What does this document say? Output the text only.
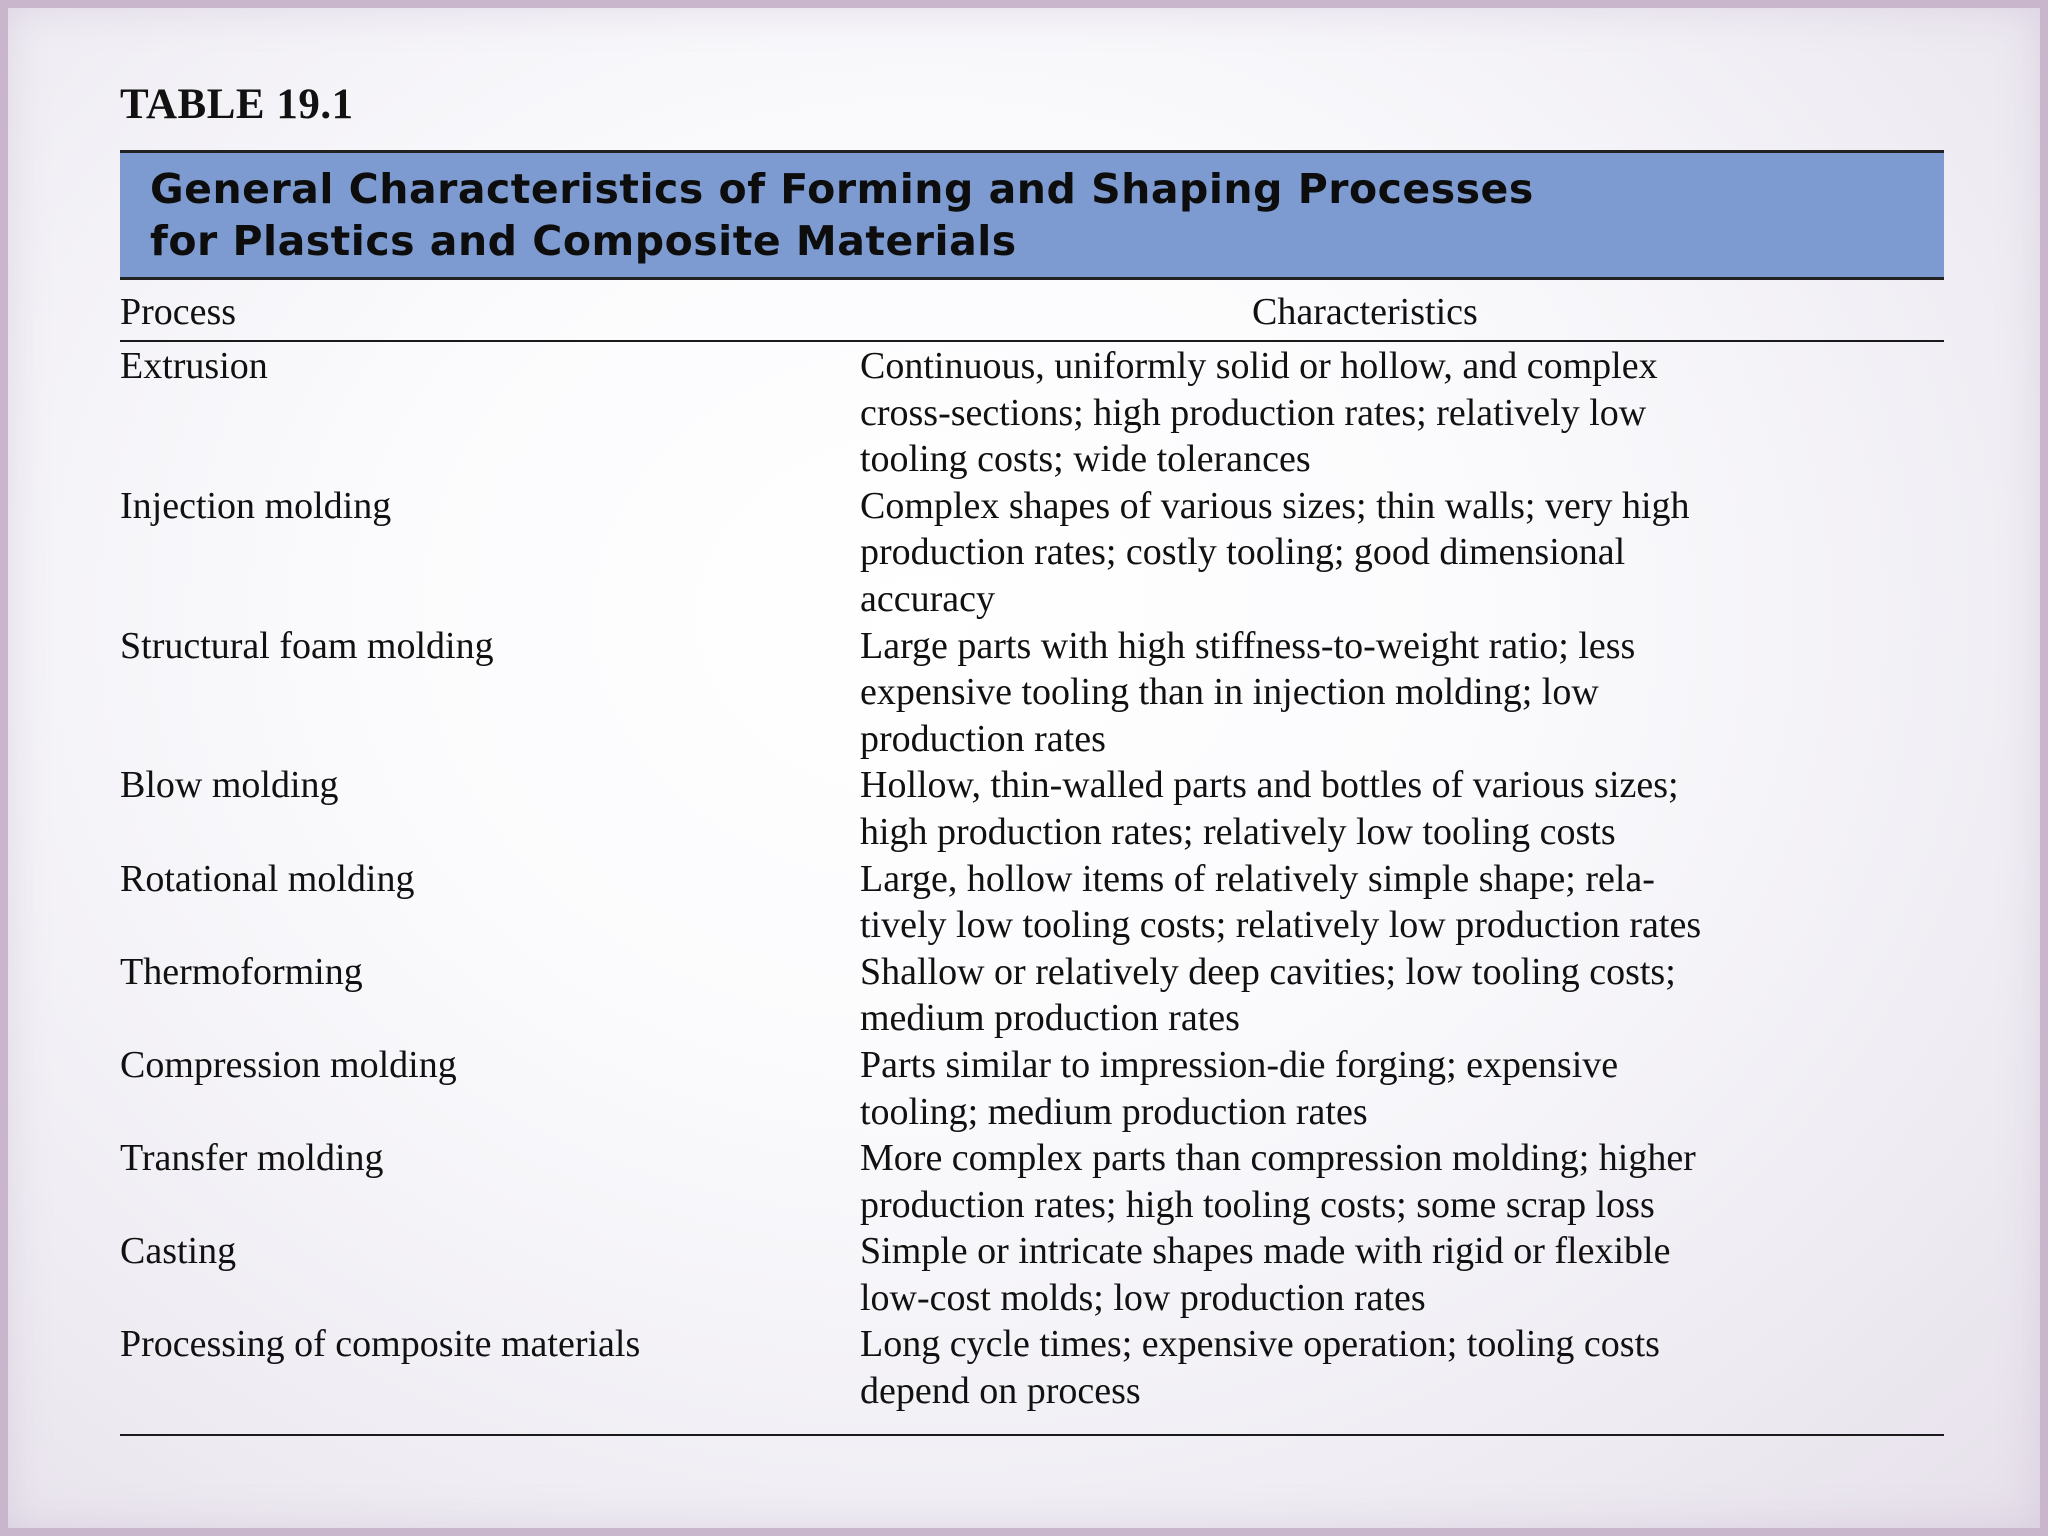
TABLE 19.1
General Characteristics of Forming and Shaping Processes
for Plastics and Composite Materials
Process	Characteristics
Extrusion	Continuous, uniformly solid or hollow, and complex
cross-sections; high production rates; relatively low
tooling costs; wide tolerances
Injection molding	Complex shapes of various sizes; thin walls; very high
production rates; costly tooling; good dimensional
accuracy
Structural foam molding	Large parts with high stiffness-to-weight ratio; less
expensive tooling than in injection molding; low
production rates
Blow molding	Hollow, thin-walled parts and bottles of various sizes;
high production rates; relatively low tooling costs
Rotational molding	Large, hollow items of relatively simple shape; rela-
tively low tooling costs; relatively low production rates
Thermoforming	Shallow or relatively deep cavities; low tooling costs;
medium production rates
Compression molding	Parts similar to impression-die forging; expensive
tooling; medium production rates
Transfer molding	More complex parts than compression molding; higher
production rates; high tooling costs; some scrap loss
Casting	Simple or intricate shapes made with rigid or flexible
low-cost molds; low production rates
Processing of composite materials	Long cycle times; expensive operation; tooling costs
depend on process
